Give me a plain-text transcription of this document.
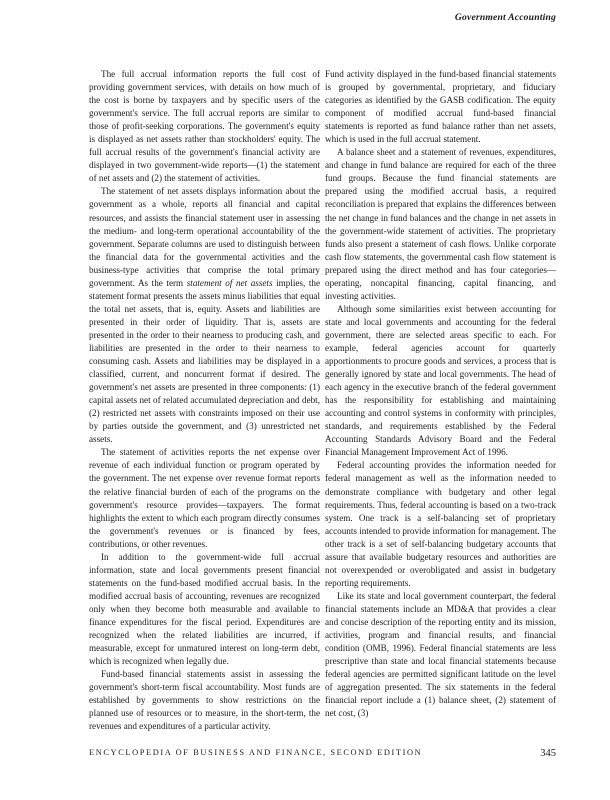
Government Accounting

The full accrual information reports the full cost of providing government services, with details on how much of the cost is borne by taxpayers and by specific users of the government's service. The full accrual reports are similar to those of profit-seeking corporations. The government's equity is displayed as net assets rather than stockholders' equity. The full accrual results of the government's financial activity are displayed in two government-wide reports—(1) the statement of net assets and (2) the statement of activities.

The statement of net assets displays information about the government as a whole, reports all financial and capital resources, and assists the financial statement user in assessing the medium- and long-term operational accountability of the government. Separate columns are used to distinguish between the financial data for the governmental activities and the business-type activities that comprise the total primary government. As the term statement of net assets implies, the statement format presents the assets minus liabilities that equal the total net assets, that is, equity. Assets and liabilities are presented in their order of liquidity. That is, assets are presented in the order to their nearness to producing cash, and liabilities are presented in the order to their nearness to consuming cash. Assets and liabilities may be displayed in a classified, current, and noncurrent format if desired. The government's net assets are presented in three components: (1) capital assets net of related accumulated depreciation and debt, (2) restricted net assets with constraints imposed on their use by parties outside the government, and (3) unrestricted net assets.

The statement of activities reports the net expense over revenue of each individual function or program operated by the government. The net expense over revenue format reports the relative financial burden of each of the programs on the government's resource provides—taxpayers. The format highlights the extent to which each program directly consumes the government's revenues or is financed by fees, contributions, or other revenues.

In addition to the government-wide full accrual information, state and local governments present financial statements on the fund-based modified accrual basis. In the modified accrual basis of accounting, revenues are recognized only when they become both measurable and available to finance expenditures for the fiscal period. Expenditures are recognized when the related liabilities are incurred, if measurable, except for unmatured interest on long-term debt, which is recognized when legally due.

Fund-based financial statements assist in assessing the government's short-term fiscal accountability. Most funds are established by governments to show restrictions on the planned use of resources or to measure, in the short-term, the revenues and expenditures of a particular activity.

Fund activity displayed in the fund-based financial statements is grouped by governmental, proprietary, and fiduciary categories as identified by the GASB codification. The equity component of modified accrual fund-based financial statements is reported as fund balance rather than net assets, which is used in the full accrual statement.

A balance sheet and a statement of revenues, expenditures, and change in fund balance are required for each of the three fund groups. Because the fund financial statements are prepared using the modified accrual basis, a required reconciliation is prepared that explains the differences between the net change in fund balances and the change in net assets in the government-wide statement of activities. The proprietary funds also present a statement of cash flows. Unlike corporate cash flow statements, the governmental cash flow statement is prepared using the direct method and has four categories—operating, noncapital financing, capital financing, and investing activities.

Although some similarities exist between accounting for state and local governments and accounting for the federal government, there are selected areas specific to each. For example, federal agencies account for quarterly apportionments to procure goods and services, a process that is generally ignored by state and local governments. The head of each agency in the executive branch of the federal government has the responsibility for establishing and maintaining accounting and control systems in conformity with principles, standards, and requirements established by the Federal Accounting Standards Advisory Board and the Federal Financial Management Improvement Act of 1996.

Federal accounting provides the information needed for federal management as well as the information needed to demonstrate compliance with budgetary and other legal requirements. Thus, federal accounting is based on a two-track system. One track is a self-balancing set of proprietary accounts intended to provide information for management. The other track is a set of self-balancing budgetary accounts that assure that available budgetary resources and authorities are not overexpended or overobligated and assist in budgetary reporting requirements.

Like its state and local government counterpart, the federal financial statements include an MD&A that provides a clear and concise description of the reporting entity and its mission, activities, program and financial results, and financial condition (OMB, 1996). Federal financial statements are less prescriptive than state and local financial statements because federal agencies are permitted significant latitude on the level of aggregation presented. The six statements in the federal financial report include a (1) balance sheet, (2) statement of net cost, (3)

ENCYCLOPEDIA OF BUSINESS AND FINANCE, SECOND EDITION	345
